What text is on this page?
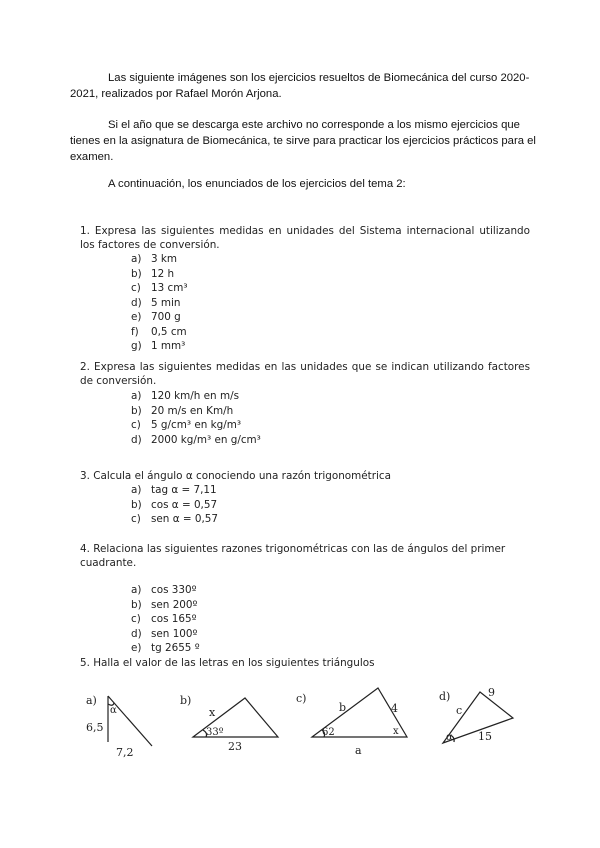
Las siguiente imágenes son los ejercicios resueltos de Biomecánica del curso 2020-2021, realizados por Rafael Morón Arjona.

Si el año que se descarga este archivo no corresponde a los mismo ejercicios que tienes en la asignatura de Biomecánica, te sirve para practicar los ejercicios prácticos para el examen.

A continuación, los enunciados de los ejercicios del tema 2:

1. Expresa las siguientes medidas en unidades del Sistema internacional utilizando los factores de conversión.
a) 3 km
b) 12 h
c) 13 cm³
d) 5 min
e) 700 g
f) 0,5 cm
g) 1 mm³
2. Expresa las siguientes medidas en las unidades que se indican utilizando factores de conversión.
a) 120 km/h en m/s
b) 20 m/s en Km/h
c) 5 g/cm³ en kg/m³
d) 2000 kg/m³ en g/cm³
3. Calcula el ángulo α conociendo una razón trigonométrica
a) tag α = 7,11
b) cos α = 0,57
c) sen α = 0,57
4. Relaciona las siguientes razones trigonométricas con las de ángulos del primer cuadrante.
a) cos 330º
b) sen 200º
c) cos 165º
d) sen 100º
e) tg 2655 º
5. Halla el valor de las letras en los siguientes triángulos
a)
α
6,5
7,2
b)
x
33º
23
c)
b	4
62	x
a
d)
c
9
α 15
